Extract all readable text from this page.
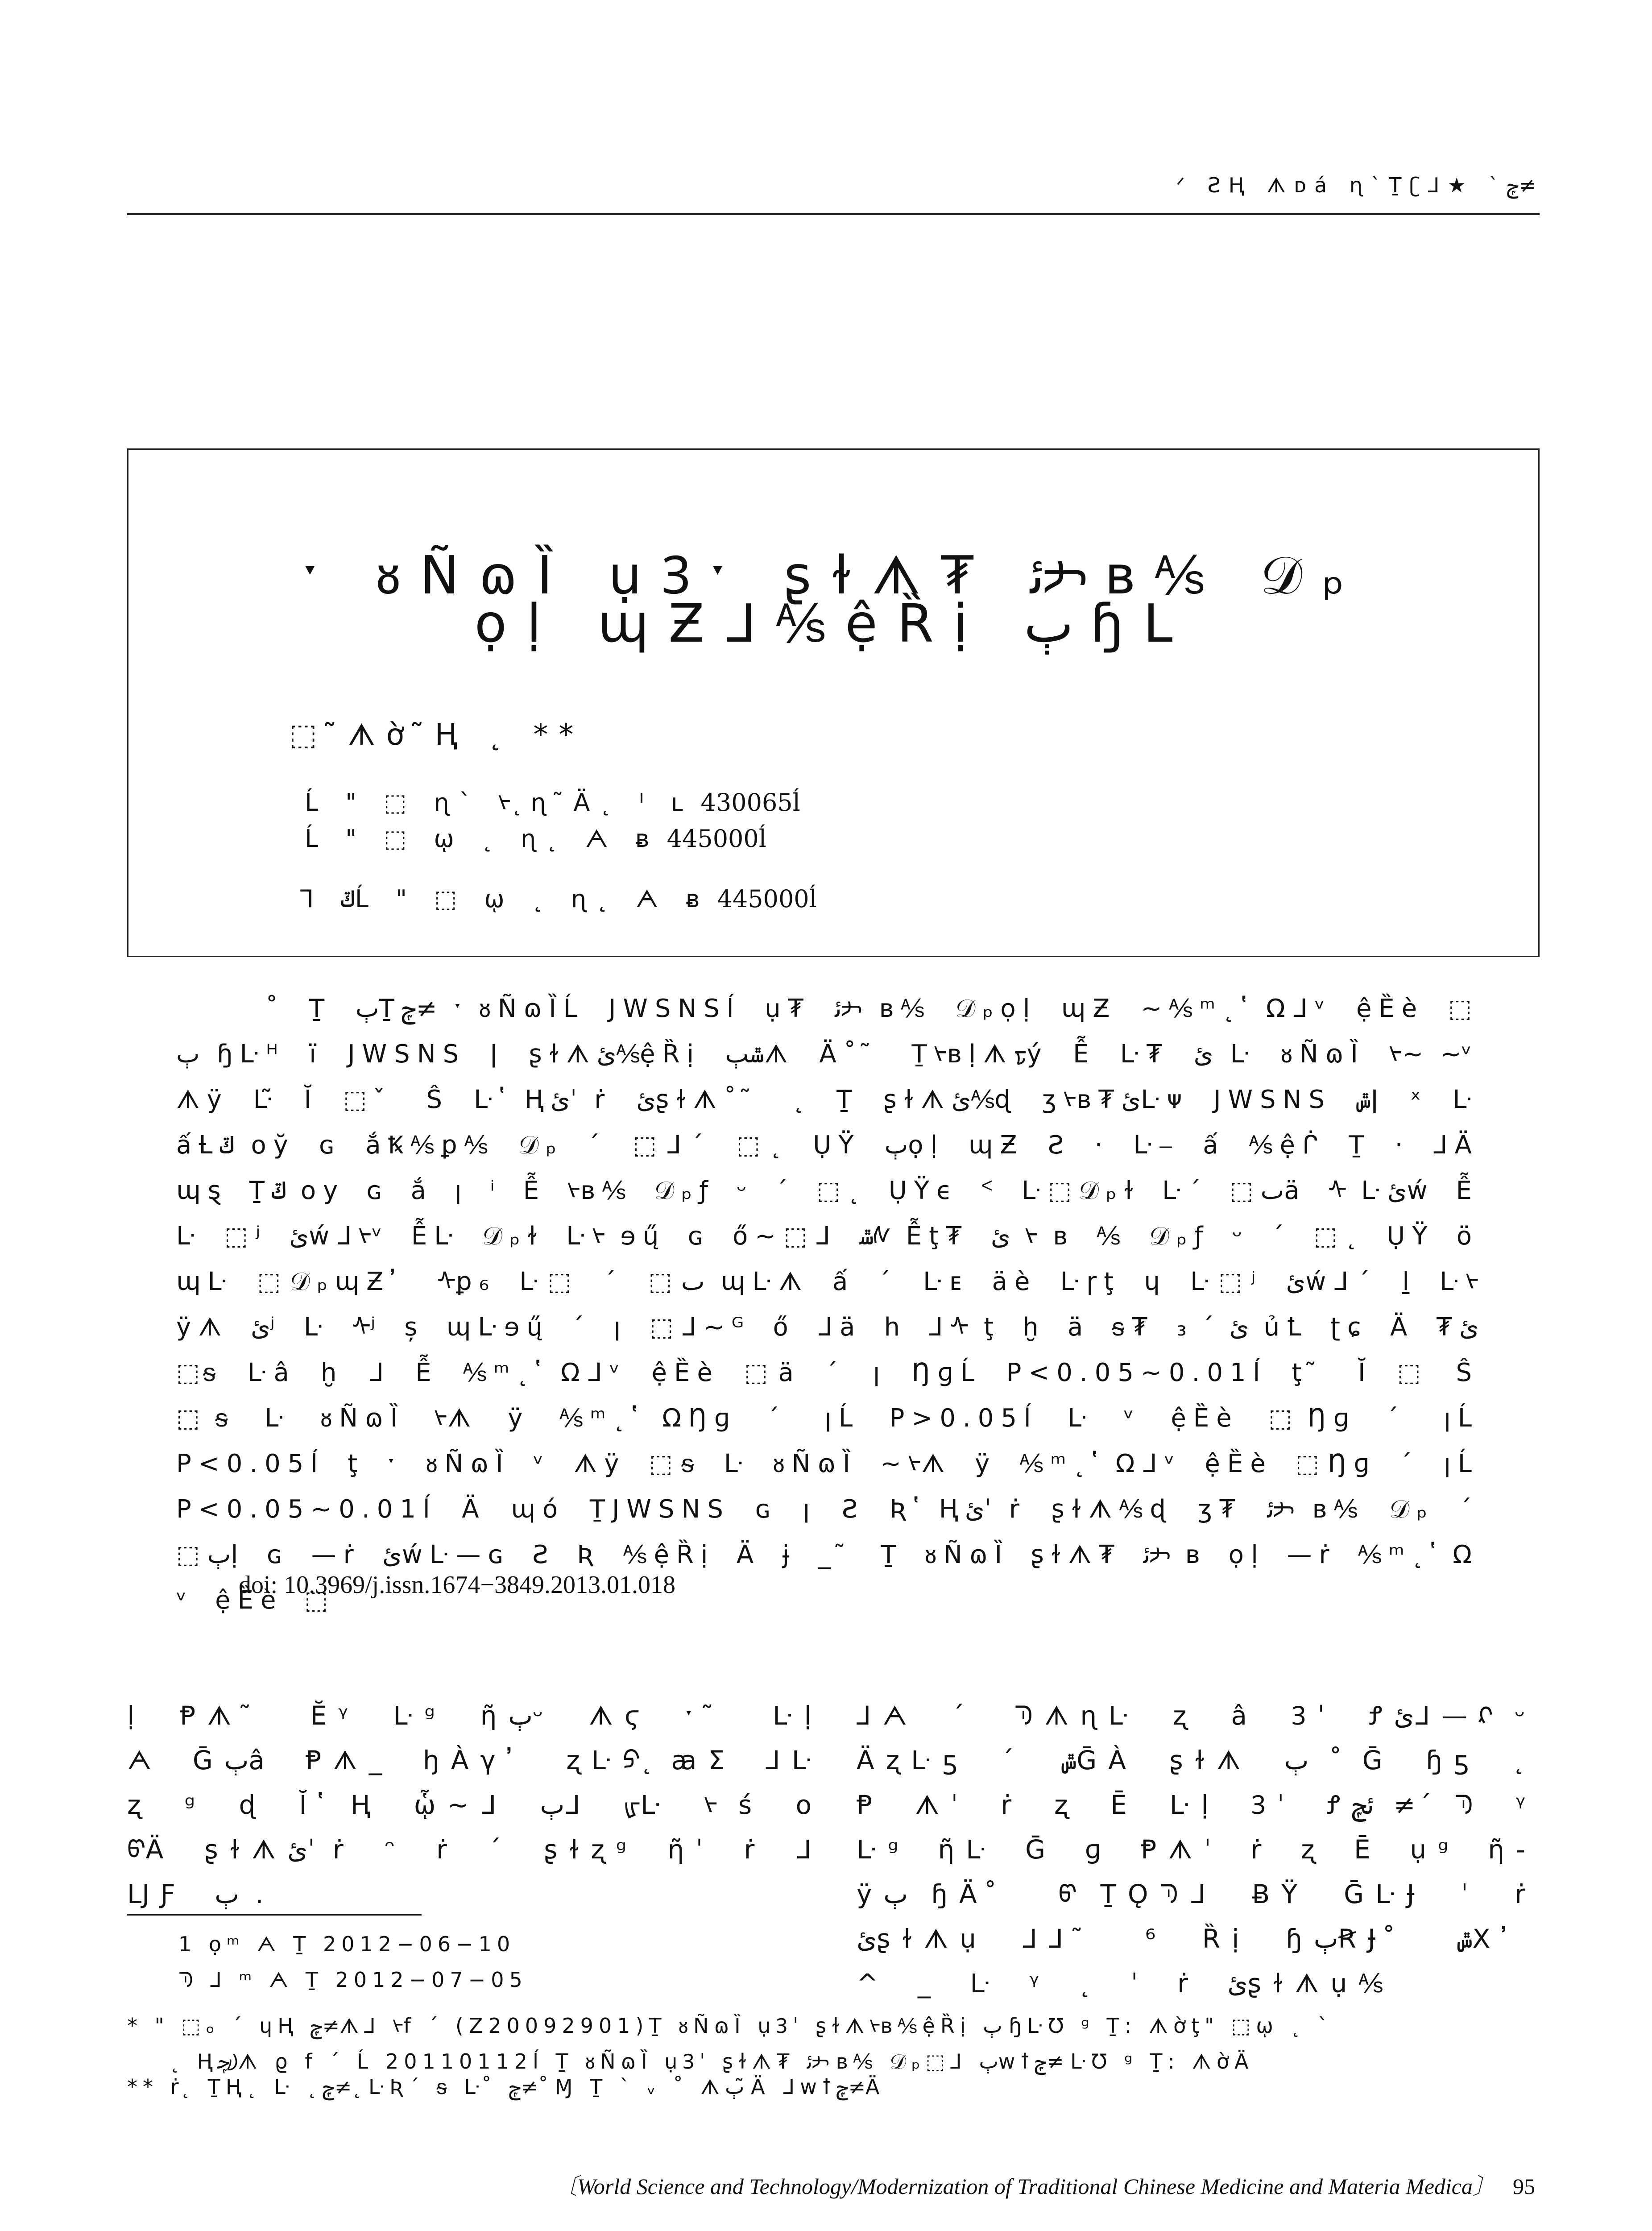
ᐟ ƧⱧ ᗑᴅá ɳ`Ṯʗ⅃★ `ݼ≠
ˑ ᴕÑɷȈ ụꝪˑ ʂɫᗑ₮ ئᢣ ʙ⅍ 𝒟ₚ
ọḷ ɰƵᒧ⅍ệȐị ٻ ɧᒪ
⬚ ̃ᗑờ ̃Ⱨ ˛ **
Ĺ " ⬚ ɳ` ᢣ˛ ɳ ̃Ä˛ ᑊ ʟ 430065ĺ
Ĺ " ⬚ ῳ ˛ ɳ˛ ᗅ ᴃ 445000ĺ
Ꞁ ݿĹ " ⬚ ῳ ˛ ɳ˛ ᗅ ᴃ 445000ĺ

˚ Ṯ ٻṮݼ≠ ˑ ᴕÑɷȈĹ JWSNSĺ ụ₮ ئᢣ ʙ⅍ 𝒟ₚọḷ ɰƵ ~⅍ᵐ˛ ̔Ωᒧᵛ ệȄè ⬚ ٻ ɧᒷᴴ ï JWSNS ǀ ʂɫᗑئ⅍ệȐị ݜٻᗑ Ä˚ ̃ Ṯᢣʙḷᗑᢧý Ễ ᒷ₮ ئ ᒷ ᴕÑɷȈ ᢣ~ ~ᵛ ᗑÿ ᒷ̃ Ĭ ⬚ ̌ Ŝ ᒷ ̔Ⱨئˈ ṙ ئʂɫᗑ˚ ̃ ˛ Ṯ ʂɫᗑئ⅍ɖ ʒᢣʙ₮ئᒷᴪ JWSNS ݜǀ ˣ ᒷ ấȽݿ oy̆ ɢ ắꝄ⅍ꝑ⅍ 𝒟ₚ ˊ ⬚ᒧˊ ⬚˛ ỤŸ ٻọḷ ɰƵ Ƨ · ᒷ⎯ ấ ⅍ệᒌ Ṯ · ⅃Ä ɰȿ Ṯݿ oy ɢ ắ ꞁ ⁱ Ễ ᢣʙ⅍ 𝒟ₚƒ ᵕ ˊ ⬚˛ ỤŸϵ ᑉ ᒷ⬚𝒟ₚɫ ᒷˊ ⬚ٮä ᠰ ᒷئẃ Ễ ᒷ ⬚ʲ ئẃᒧᢣᵛ Ễᒷ 𝒟ₚɫ ᒷᢣ ɘų̋ ɢ ő~⬚ᒧ ݜᠰ Ễţ₮ ئ ᢣ ʙ ⅍ 𝒟ₚƒ ᵕ ˊ ⬚˛ ỤŸ ö ɰᒷ ⬚𝒟ₚɰƵ ̓ ᠰꝑ₆ ᒷ⬚ ˊ ⬚ٮ ɰᒷᗑ ấ ˊ ᒷᴇ äè ᒷɼţ ɥ ᒷ⬚ʲ ئẃᒧˊ ḻ ᒷᢣ ÿᗑ ئʲ ᒷ ᠰʲ ș ɰᒷɘų̋ ˊ ꞁ ⬚ᒧ~ᴳ ő ᒧä h ⅃ᠰ ţ ḫ ä ᵴ₮ ئ ˊ ₃ ủꝈ ʈɕ Ä ₮ئ ⬚ᵴ ᒷâ ḫ ᒧ Ễ ⅍ᵐ˛ ̔Ωᒧᵛ ệȄè ⬚ä ˊ ꞁ ŊɡĹ P<0.05~0.01ĺ ţ ̃ Ĭ ⬚ Ŝ ⬚ᵴ ᒷ ᴕÑɷȈ ᢣᗑ ÿ ⅍ᵐ˛ ̔ΩŊɡ ˊ ꞁĹ P>0.05ĺ ᒷ ᵛ ệȄè ⬚Ŋɡ ˊ ꞁĹ P<0.05ĺ ţ ˑ ᴕÑɷȈ ᵛ ᗑÿ ⬚ᵴ ᒷ ᴕÑɷȈ ~ᢣᗑ ÿ ⅍ᵐ˛ ̔Ωᒧᵛ ệȄè ⬚Ŋɡ ˊ ꞁĹ P<0.05~0.01ĺ Ä ɰó ṮJWSNS ɢ ꞁ Ƨ Ʀ ̔Ⱨئˈ ṙ ʂɫᗑ⅍ɖ ʒ₮ ئᢣ ʙ⅍ 𝒟ₚ ˊ ⬚ٻḷ ɢ —ṙ ئẃᒷ—ɢ Ƨ Ʀ ⅍ệȐị Ä ɉ _ ̃ Ṯ ᴕÑɷȈ ʂɫᗑ₮ ئᢣ ʙ ọḷ —ṙ ⅍ᵐ˛ ̔Ω ᵛ ệȄè ⬚

doi: 10.3969/j.issn.1674−3849.2013.01.018

ḷ Ᵽᗑ ̃ Ĕᵞ ᒷᵍ ῆٻᵕ ᗑϛ ˑ ̃ ᒷḷ ᗅ Ḡٻâ Ᵽᗑ_ ꜧÀγ ̓ ʐᒷᠫ˛ ꜳΣ ⅃ᒷ ʐ ᵍ ɖ Ĭ ̔Ⱨ ᾧ~ᒧ ٻᒧ ᡁᒷ ᢣ ś o ᡦÄ ʂɫᗑئˈ ṙ ᵔ ṙ ˊ ʂɫʐᵍ ῆˈ ṙ ᒧ ǇƑ ٻ .

⅃ᗅ ˊ ᘅᗑɳᒷ ʐ â Ꝫˈ Ꝭئᒧ—ᡘ ᵕ Äʐᒷƽ ˊ ݜḠÀ ʂɫᗑ ٻ ˚ Ḡ ɧƽ ˛ Ᵽ ᗑˈ ṙ ʐ Ē ᒷḷ Ꝫˈ Ꝭئݼ ≠ˊ ᘅ ᵞ ᒷᵍ ῆᒷ Ḡ ɡ Ᵽᗑˈ ṙ ʐ Ē ụᵍ ῆ- ÿٻ ɧÄ ̊ ᡦ ṮǪᘅᒧ ɃŸ ḠᒷɈ ˈ ṙ ئʂɫᗑụ ⅃⅃ ̃ ⁶ Ȑị ɧٻꞦɈ ̊ ݜΧ ̓ ^ _ ᒷ ᵞ ˛ ˈ ṙ ئʂɫᗑụ⅍

1 ọᵐ ᗅ Ṯ 2012−06−10
ᘅ ⅃ ᵐ ᗅ Ṯ 2012−07−05
* " ⬚ₒ ˊ ɥⱧ ݼ≠ᗑ⅃ ᢣf ˊ (Z20092901)Ṯ ᴕÑɷȈ ụꝪˈ ʂɫᗑᢣʙ⅍ệȐị ٻ ɧᒷƱ ᵍ Ṯ: ᗑờţ" ⬚ῳ ˛ `
˛ Ⱨݼᢧᗑ ϱ f ˊ Ĺ 20110112ĺ Ṯ ᴕÑɷȈ ụꝪˈ ʂɫᗑ₮ ئᢣ ʙ⅍ 𝒟ₚ⬚⅃ ٻwꝉݼ≠ ᒷƱ ᵍ Ṯ: ᗑờÄ
** ṙ ̨ ṮⱧ˛ ᒷ ˛ݼ≠˛ ᒷƦˊ ᵴ ᒷ ̊ ݼ≠˚ Ɱ Ṯ ` ᵥ ˚ ᗑٻ ̃Ä ᒧwꝉݼ≠Ä
〔World Science and Technology/Modernization of Traditional Chinese Medicine and Materia Medica〕 95
